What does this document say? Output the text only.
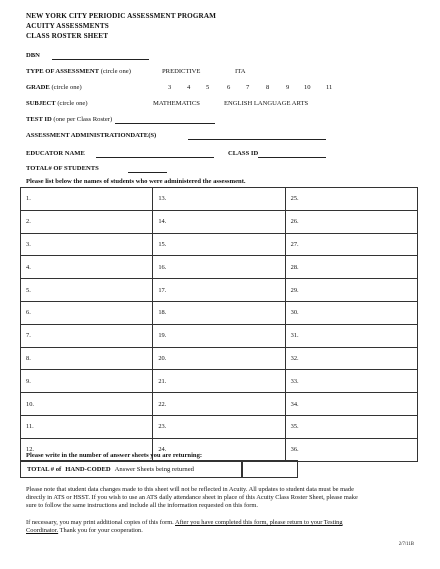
NEW YORK CITY PERIODIC ASSESSMENT PROGRAM
ACUITY ASSESSMENTS
CLASS ROSTER SHEET
DBN
TYPE OF ASSESSMENT (circle one)	PREDICTIVE	ITA
GRADE (circle one)	3 4 5	6 7	8	9 10 11
SUBJECT (circle one)	MATHEMATICS	ENGLISH LANGUAGE ARTS
TEST ID (one per Class Roster)
ASSESSMENT ADMINISTRATIONDATE(S)
EDUCATOR NAME	CLASS ID
TOTAL# OF STUDENTS
Please list below the names of students who were administered the assessment.
1.	13.	25.
2.	14.	26.
3.	15.	27.
4.	16.	28.
5.	17.	29.
6.	18.	30.
7.	19.	31.
8.	20.	32.
9.	21.	33.
10.	22.	34.
11.	23.	35.
12.	24.	36.
Please write in the number of answer sheets you are returning:
TOTAL # of HAND-CODED Answer Sheets being returned
Please note that student data changes made to this sheet will not be reflected in Acuity. All updates to student data must be made
directly in ATS or HSST. If you wish to use an ATS daily attendance sheet in place of this Acuity Class Roster Sheet, please make
sure to follow the same instructions and include all the information requested on this form.
If necessary, you may print additional copies of this form. After you have completed this form, please return to your Testing
Coordinator. Thank you for your cooperation.
2/7/11B
